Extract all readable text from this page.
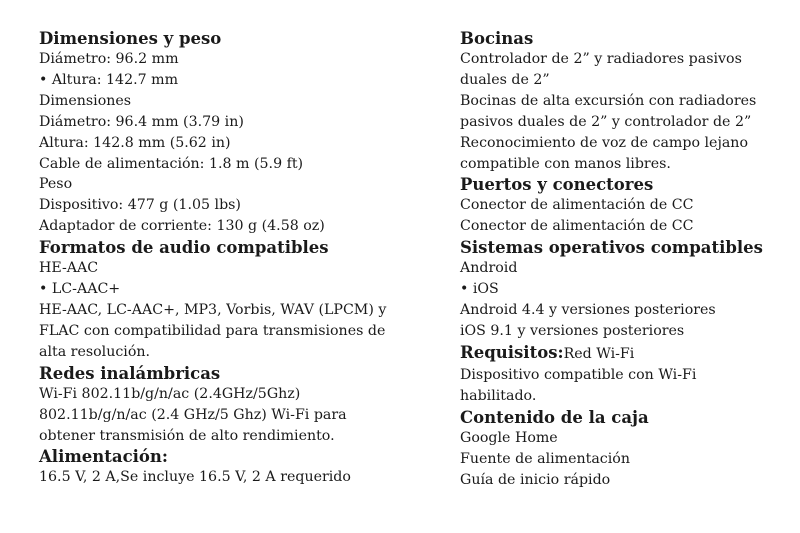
Dimensiones y peso
Diámetro: 96.2 mm
• Altura: 142.7 mm
Dimensiones
Diámetro: 96.4 mm (3.79 in)
Altura: 142.8 mm (5.62 in)
Cable de alimentación: 1.8 m (5.9 ft)
Peso
Dispositivo: 477 g (1.05 lbs)
Adaptador de corriente: 130 g (4.58 oz)
Formatos de audio compatibles
HE-AAC
• LC-AAC+
HE-AAC, LC-AAC+, MP3, Vorbis, WAV (LPCM) y
FLAC con compatibilidad para transmisiones de
alta resolución.
Redes inalámbricas
Wi-Fi 802.11b/g/n/ac (2.4GHz/5Ghz)
802.11b/g/n/ac (2.4 GHz/5 Ghz) Wi-Fi para
obtener transmisión de alto rendimiento.
Alimentación:
16.5 V, 2 A,Se incluye 16.5 V, 2 A requerido
Bocinas
Controlador de 2” y radiadores pasivos
duales de 2”
Bocinas de alta excursión con radiadores
pasivos duales de 2” y controlador de 2”
Reconocimiento de voz de campo lejano
compatible con manos libres.
Puertos y conectores
Conector de alimentación de CC
Conector de alimentación de CC
Sistemas operativos compatibles
Android
• iOS
Android 4.4 y versiones posteriores
iOS 9.1 y versiones posteriores
Requisitos:Red Wi-Fi
Dispositivo compatible con Wi-Fi
habilitado.
Contenido de la caja
Google Home
Fuente de alimentación
Guía de inicio rápido
